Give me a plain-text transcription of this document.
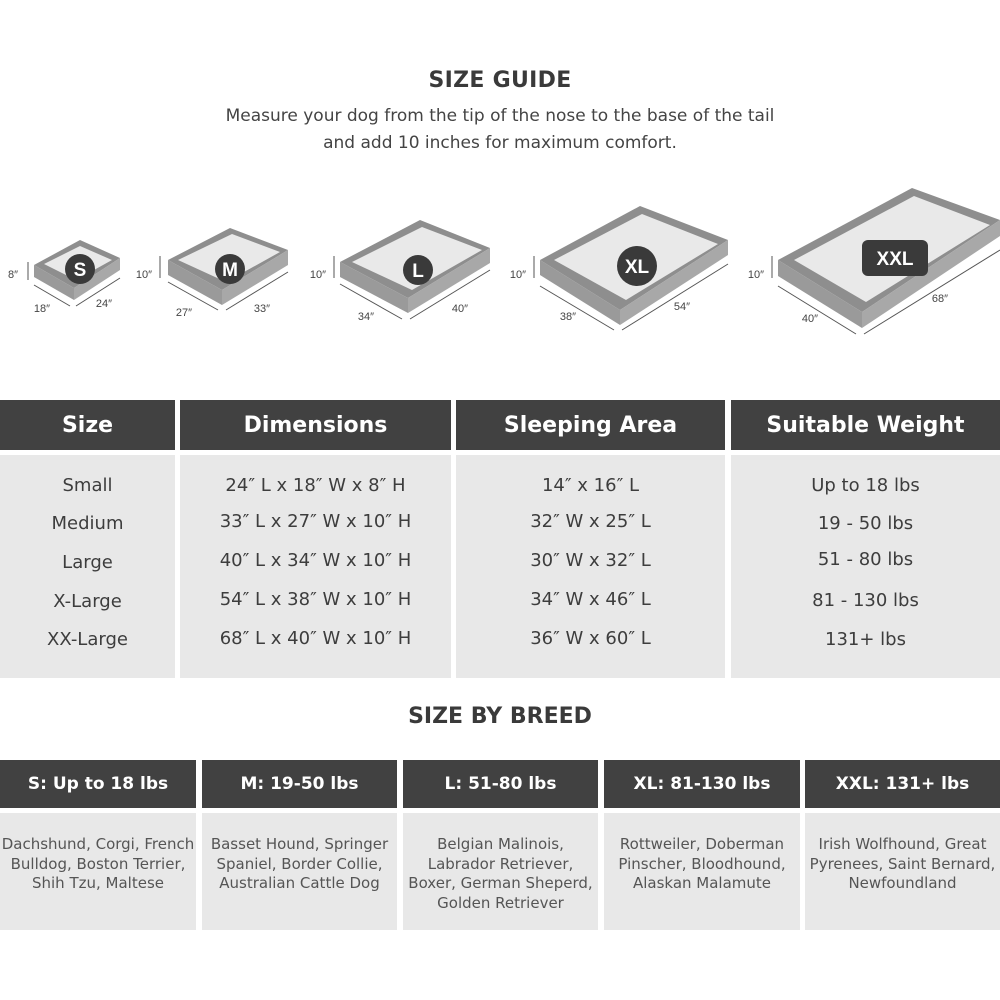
SIZE GUIDE
Measure your dog from the tip of the nose to the base of the tail
and add 10 inches for maximum comfort.
S
8″
18″	24″
M
10″
27″	33″
L
10″
34″
40″
XL
10″
38″
54″
XXL
10″
40″
68″
Size
Small
Medium
Large
X-Large
XX-Large
Dimensions
24″ L x 18″ W x 8″ H
33″ L x 27″ W x 10″ H
40″ L x 34″ W x 10″ H
54″ L x 38″ W x 10″ H
68″ L x 40″ W x 10″ H
Sleeping Area
14″ x 16″ L
32″ W x 25″ L
30″ W x 32″ L
34″ W x 46″ L
36″ W x 60″ L
Suitable Weight
Up to 18 lbs
19 - 50 lbs
51 - 80 lbs
81 - 130 lbs
131+ lbs
SIZE BY BREED
S: Up to 18 lbs
Dachshund, Corgi, French
Bulldog, Boston Terrier,
Shih Tzu, Maltese
M: 19-50 lbs
Basset Hound, Springer
Spaniel, Border Collie,
Australian Cattle Dog
L: 51-80 lbs
Belgian Malinois,
Labrador Retriever,
Boxer, German Sheperd,
Golden Retriever
XL: 81-130 lbs
Rottweiler, Doberman
Pinscher, Bloodhound,
Alaskan Malamute
XXL: 131+ lbs
Irish Wolfhound, Great
Pyrenees, Saint Bernard,
Newfoundland
